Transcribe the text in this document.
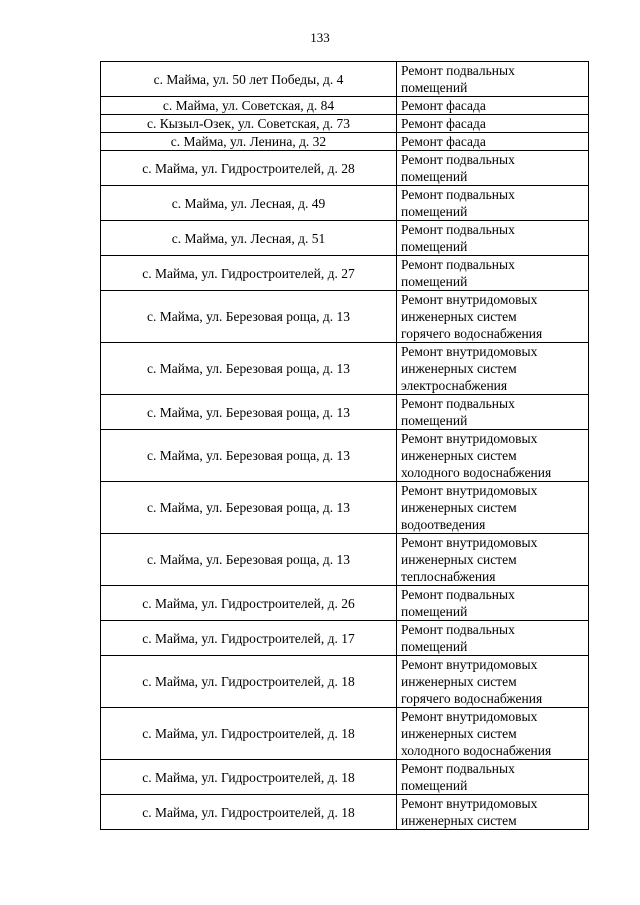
133
с. Майма, ул. 50 лет Победы, д. 4	Ремонт подвальных
помещений
с. Майма, ул. Советская, д. 84	Ремонт фасада
с. Кызыл-Озек, ул. Советская, д. 73	Ремонт фасада
с. Майма, ул. Ленина, д. 32	Ремонт фасада
с. Майма, ул. Гидростроителей, д. 28	Ремонт подвальных
помещений
с. Майма, ул. Лесная, д. 49	Ремонт подвальных
помещений
с. Майма, ул. Лесная, д. 51	Ремонт подвальных
помещений
с. Майма, ул. Гидростроителей, д. 27	Ремонт подвальных
помещений
с. Майма, ул. Березовая роща, д. 13	Ремонт внутридомовых
инженерных систем
горячего водоснабжения
с. Майма, ул. Березовая роща, д. 13	Ремонт внутридомовых
инженерных систем
электроснабжения
с. Майма, ул. Березовая роща, д. 13	Ремонт подвальных
помещений
с. Майма, ул. Березовая роща, д. 13	Ремонт внутридомовых
инженерных систем
холодного водоснабжения
с. Майма, ул. Березовая роща, д. 13	Ремонт внутридомовых
инженерных систем
водоотведения
с. Майма, ул. Березовая роща, д. 13	Ремонт внутридомовых
инженерных систем
теплоснабжения
с. Майма, ул. Гидростроителей, д. 26	Ремонт подвальных
помещений
с. Майма, ул. Гидростроителей, д. 17	Ремонт подвальных
помещений
с. Майма, ул. Гидростроителей, д. 18	Ремонт внутридомовых
инженерных систем
горячего водоснабжения
с. Майма, ул. Гидростроителей, д. 18	Ремонт внутридомовых
инженерных систем
холодного водоснабжения
с. Майма, ул. Гидростроителей, д. 18	Ремонт подвальных
помещений
с. Майма, ул. Гидростроителей, д. 18	Ремонт внутридомовых
инженерных систем
